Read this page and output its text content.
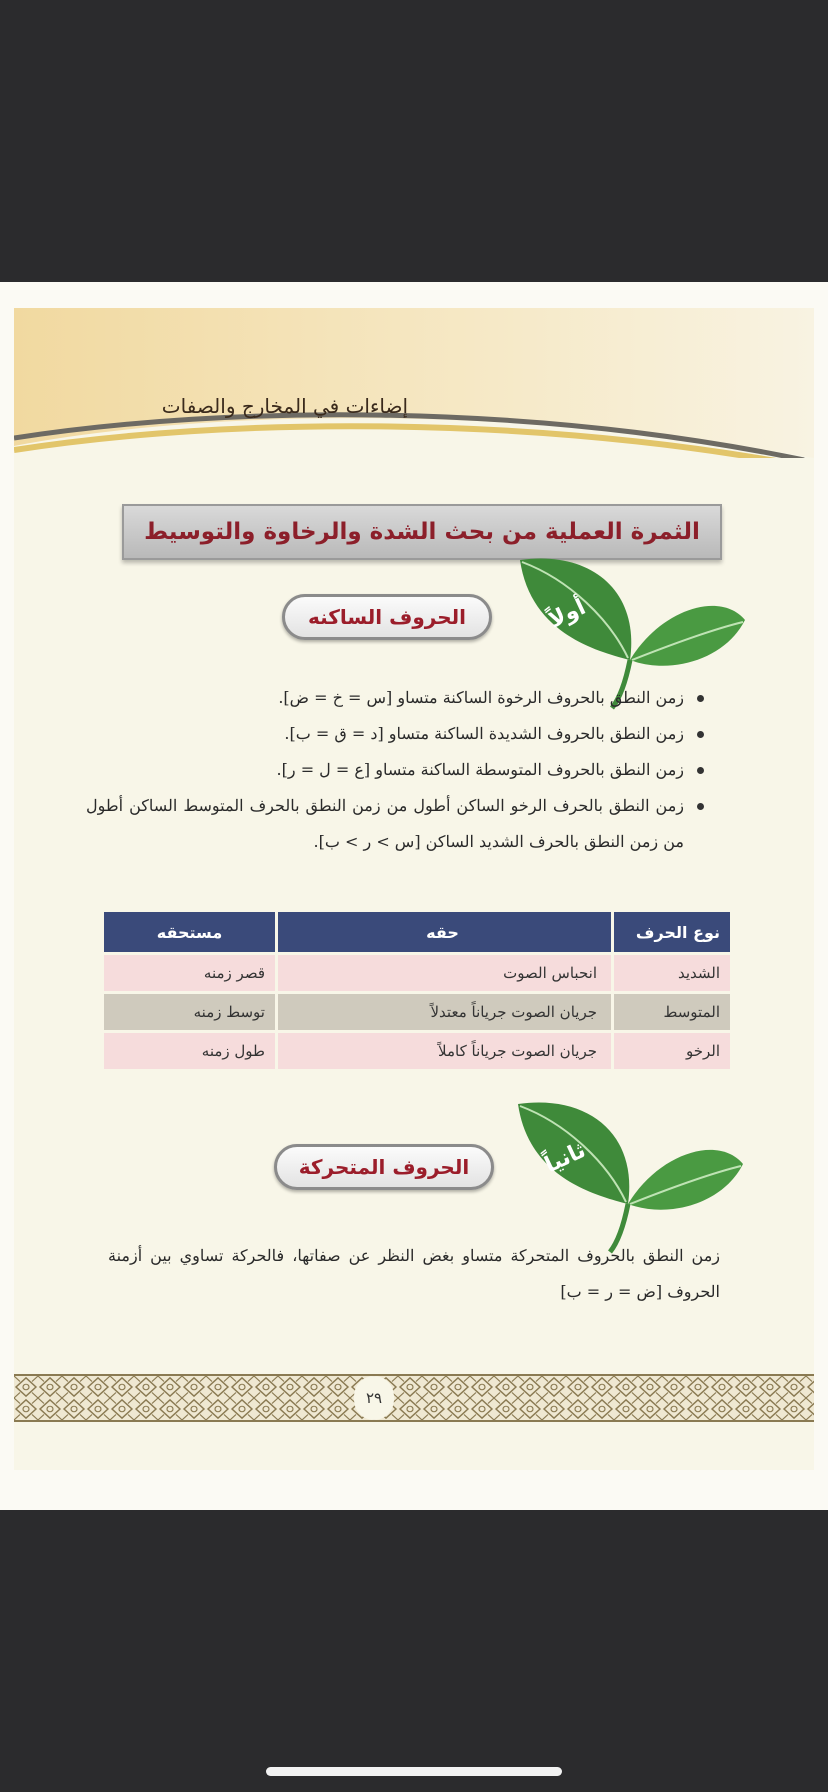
إضاءات في المخارج والصفات
الثمرة العملية من بحث الشدة والرخاوة والتوسيط
أولاً
الحروف الساكنه
زمن النطق بالحروف الرخوة الساكنة متساو [س = خ = ض].
زمن النطق بالحروف الشديدة الساكنة متساو [د = ق = ب].
زمن النطق بالحروف المتوسطة الساكنة متساو [ع = ل = ر].
زمن النطق بالحرف الرخو الساكن أطول من زمن النطق بالحرف المتوسط الساكن أطول من زمن النطق بالحرف الشديد الساكن [س > ر > ب].
نوع الحرف	حقه	مستحقه
الشديد	انحباس الصوت	قصر زمنه
المتوسط	جريان الصوت جرياناً معتدلاً	توسط زمنه
الرخو	جريان الصوت جرياناً كاملاً	طول زمنه
ثانياً
الحروف المتحركة

زمن النطق بالحروف المتحركة متساو بغض النظر عن صفاتها، فالحركة تساوي بين أزمنة الحروف [ض = ر = ب]

٢٩
